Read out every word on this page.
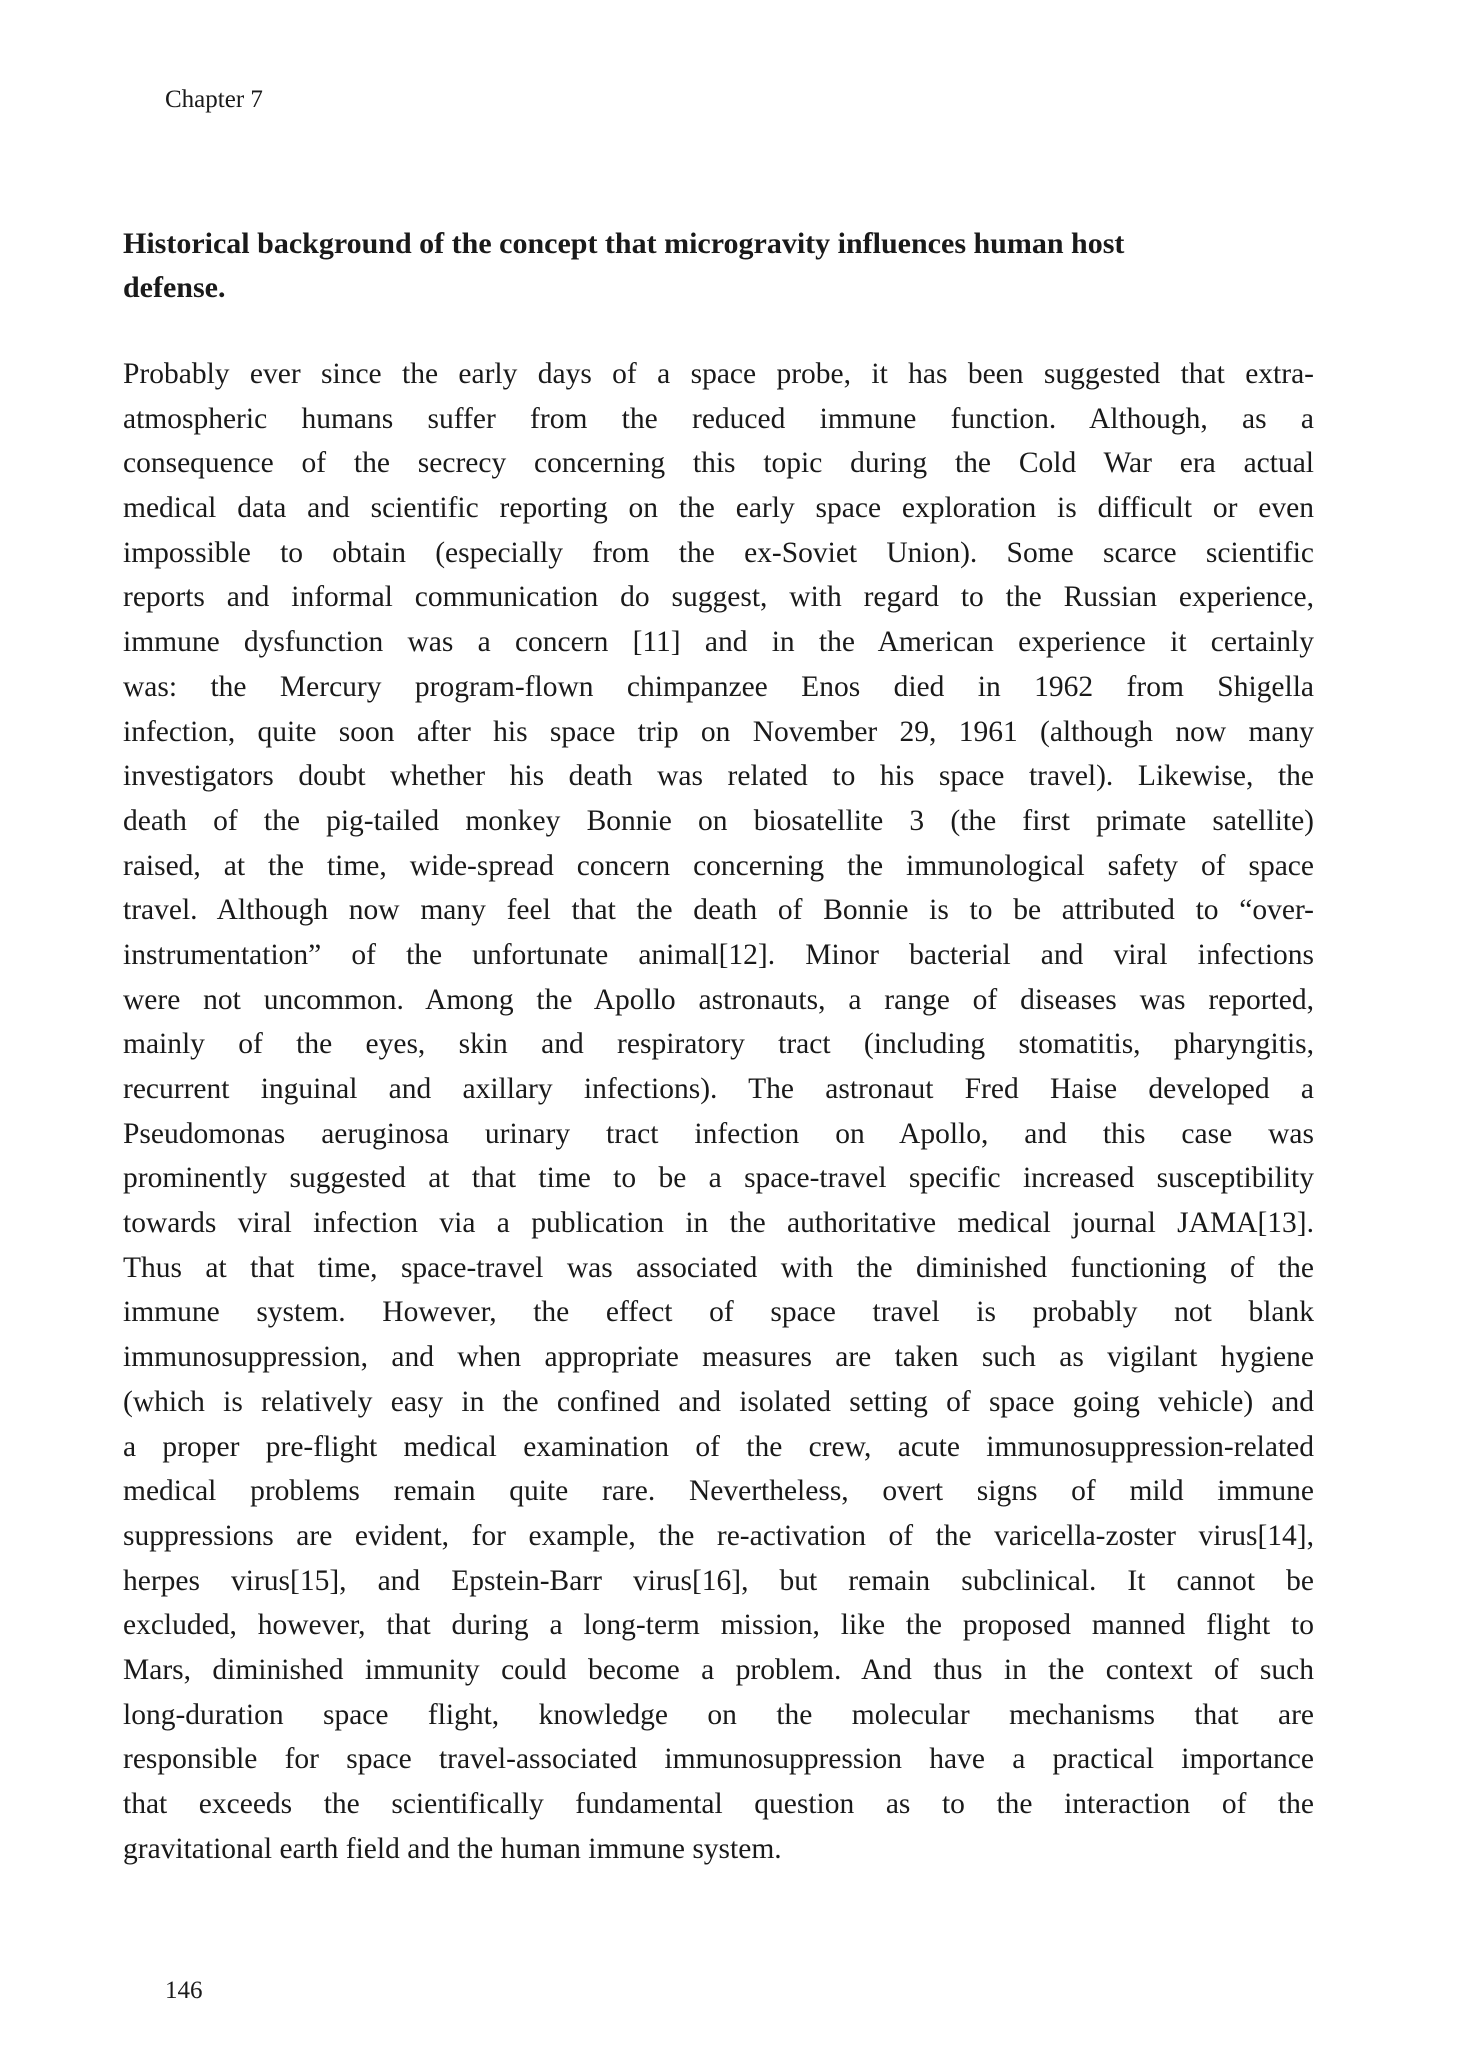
Chapter 7
Historical background of the concept that microgravity influences human host
defense.
Probably ever since the early days of a space probe, it has been suggested that extra-
atmospheric humans suffer from the reduced immune function. Although, as a
consequence of the secrecy concerning this topic during the Cold War era actual
medical data and scientific reporting on the early space exploration is difficult or even
impossible to obtain (especially from the ex-Soviet Union). Some scarce scientific
reports and informal communication do suggest, with regard to the Russian experience,
immune dysfunction was a concern [11] and in the American experience it certainly
was: the Mercury program-flown chimpanzee Enos died in 1962 from Shigella
infection, quite soon after his space trip on November 29, 1961 (although now many
investigators doubt whether his death was related to his space travel). Likewise, the
death of the pig-tailed monkey Bonnie on biosatellite 3 (the first primate satellite)
raised, at the time, wide-spread concern concerning the immunological safety of space
travel. Although now many feel that the death of Bonnie is to be attributed to “over-
instrumentation” of the unfortunate animal[12]. Minor bacterial and viral infections
were not uncommon. Among the Apollo astronauts, a range of diseases was reported,
mainly of the eyes, skin and respiratory tract (including stomatitis, pharyngitis,
recurrent inguinal and axillary infections). The astronaut Fred Haise developed a
Pseudomonas aeruginosa urinary tract infection on Apollo, and this case was
prominently suggested at that time to be a space-travel specific increased susceptibility
towards viral infection via a publication in the authoritative medical journal JAMA[13].
Thus at that time, space-travel was associated with the diminished functioning of the
immune system. However, the effect of space travel is probably not blank
immunosuppression, and when appropriate measures are taken such as vigilant hygiene
(which is relatively easy in the confined and isolated setting of space going vehicle) and
a proper pre-flight medical examination of the crew, acute immunosuppression-related
medical problems remain quite rare. Nevertheless, overt signs of mild immune
suppressions are evident, for example, the re-activation of the varicella-zoster virus[14],
herpes virus[15], and Epstein-Barr virus[16], but remain subclinical. It cannot be
excluded, however, that during a long-term mission, like the proposed manned flight to
Mars, diminished immunity could become a problem. And thus in the context of such
long-duration space flight, knowledge on the molecular mechanisms that are
responsible for space travel-associated immunosuppression have a practical importance
that exceeds the scientifically fundamental question as to the interaction of the
gravitational earth field and the human immune system.
146
